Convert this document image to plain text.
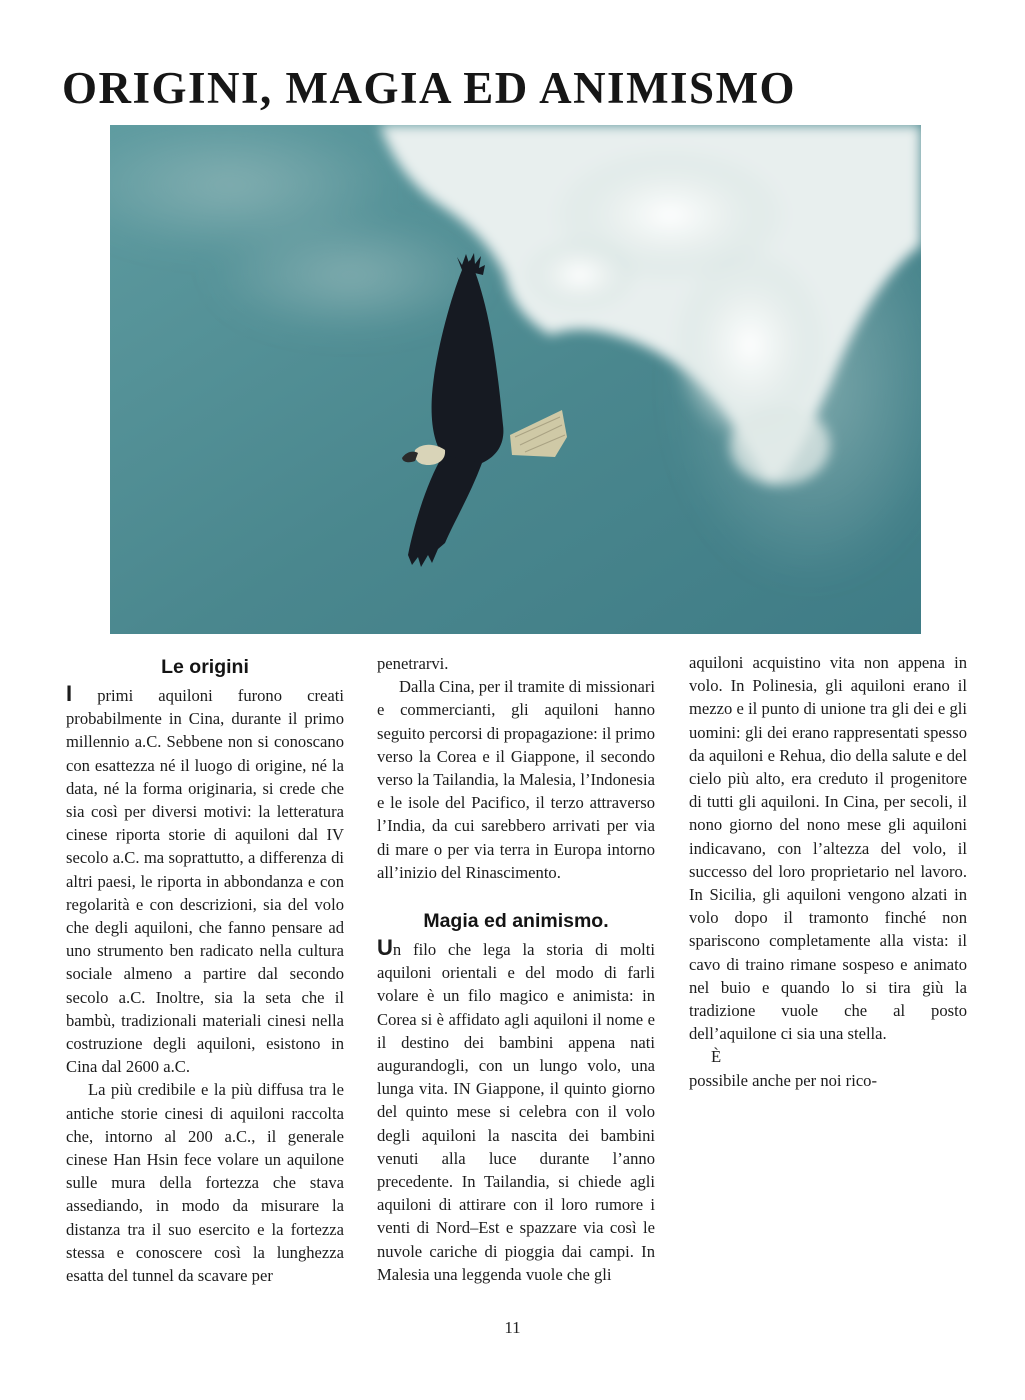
ORIGINI, MAGIA ED ANIMISMO
Le origini

I primi aquiloni furono creati probabilmente in Cina, durante il primo millennio a.C. Sebbene non si conoscano con esattezza né il luogo di origine, né la data, né la forma originaria, si crede che sia così per diversi motivi: la letteratura cinese riporta storie di aquiloni dal IV secolo a.C. ma soprattutto, a differenza di altri paesi, le riporta in abbondanza e con regolarità e con descrizioni, sia del volo che degli aquiloni, che fanno pensare ad uno strumento ben radicato nella cultura sociale almeno a partire dal secondo secolo a.C. Inoltre, sia la seta che il bambù, tradizionali materiali cinesi nella costruzione degli aquiloni, esistono in Cina dal 2600 a.C.

La più credibile e la più diffusa tra le antiche storie cinesi di aquiloni raccolta che, intorno al 200 a.C., il generale cinese Han Hsin fece volare un aquilone sulle mura della fortezza che stava assediando, in modo da misurare la distanza tra il suo esercito e la fortezza stessa e conoscere così la lunghezza esatta del tunnel da scavare per

penetrarvi.

Dalla Cina, per il tramite di missionari e commercianti, gli aquiloni hanno seguito percorsi di propagazione: il primo verso la Corea e il Giappone, il secondo verso la Tailandia, la Malesia, l’Indonesia e le isole del Pacifico, il terzo attraverso l’India, da cui sarebbero arrivati per via di mare o per via terra in Europa intorno all’inizio del Rinascimento.

Magia ed animismo.

Un filo che lega la storia di molti aquiloni orientali e del modo di farli volare è un filo magico e animista: in Corea si è affidato agli aquiloni il nome e il destino dei bambini appena nati augurandogli, con un lungo volo, una lunga vita. IN Giappone, il quinto giorno del quinto mese si celebra con il volo degli aquiloni la nascita dei bambini venuti alla luce durante l’anno precedente. In Tailandia, si chiede agli aquiloni di attirare con il loro rumore i venti di Nord–Est e spazzare via così le nuvole cariche di pioggia dai campi. In Malesia una leggenda vuole che gli

aquiloni acquistino vita non appena in volo. In Polinesia, gli aquiloni erano il mezzo e il punto di unione tra gli dei e gli uomini: gli dei erano rappresentati spesso da aquiloni e Rehua, dio della salute e del cielo più alto, era creduto il progenitore di tutti gli aquiloni. In Cina, per secoli, il nono giorno del nono mese gli aquiloni indicavano, con l’altezza del volo, il successo del loro proprietario nel lavoro. In Sicilia, gli aquiloni vengono alzati in volo dopo il tramonto finché non spariscono completamente alla vista: il cavo di traino rimane sospeso e animato nel buio e quando lo si tira giù la tradizione vuole che al posto dell’aquilone ci sia una stella.

È

possibile anche per noi rico-

11
